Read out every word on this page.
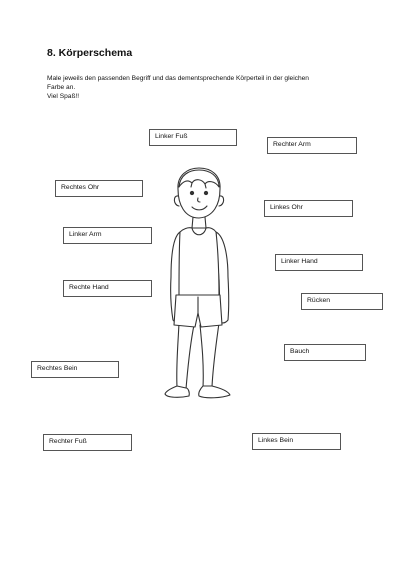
8. Körperschema
Male jeweils den passenden Begriff und das dementsprechende Körperteil in der gleichen
Farbe an.
Viel Spaß!!
Linker Fuß
Rechter Arm
Rechtes Ohr
Linkes Ohr
Linker Arm
Linker Hand
Rechte Hand
Rücken
Bauch
Rechtes Bein
Rechter Fuß	Linkes Bein
